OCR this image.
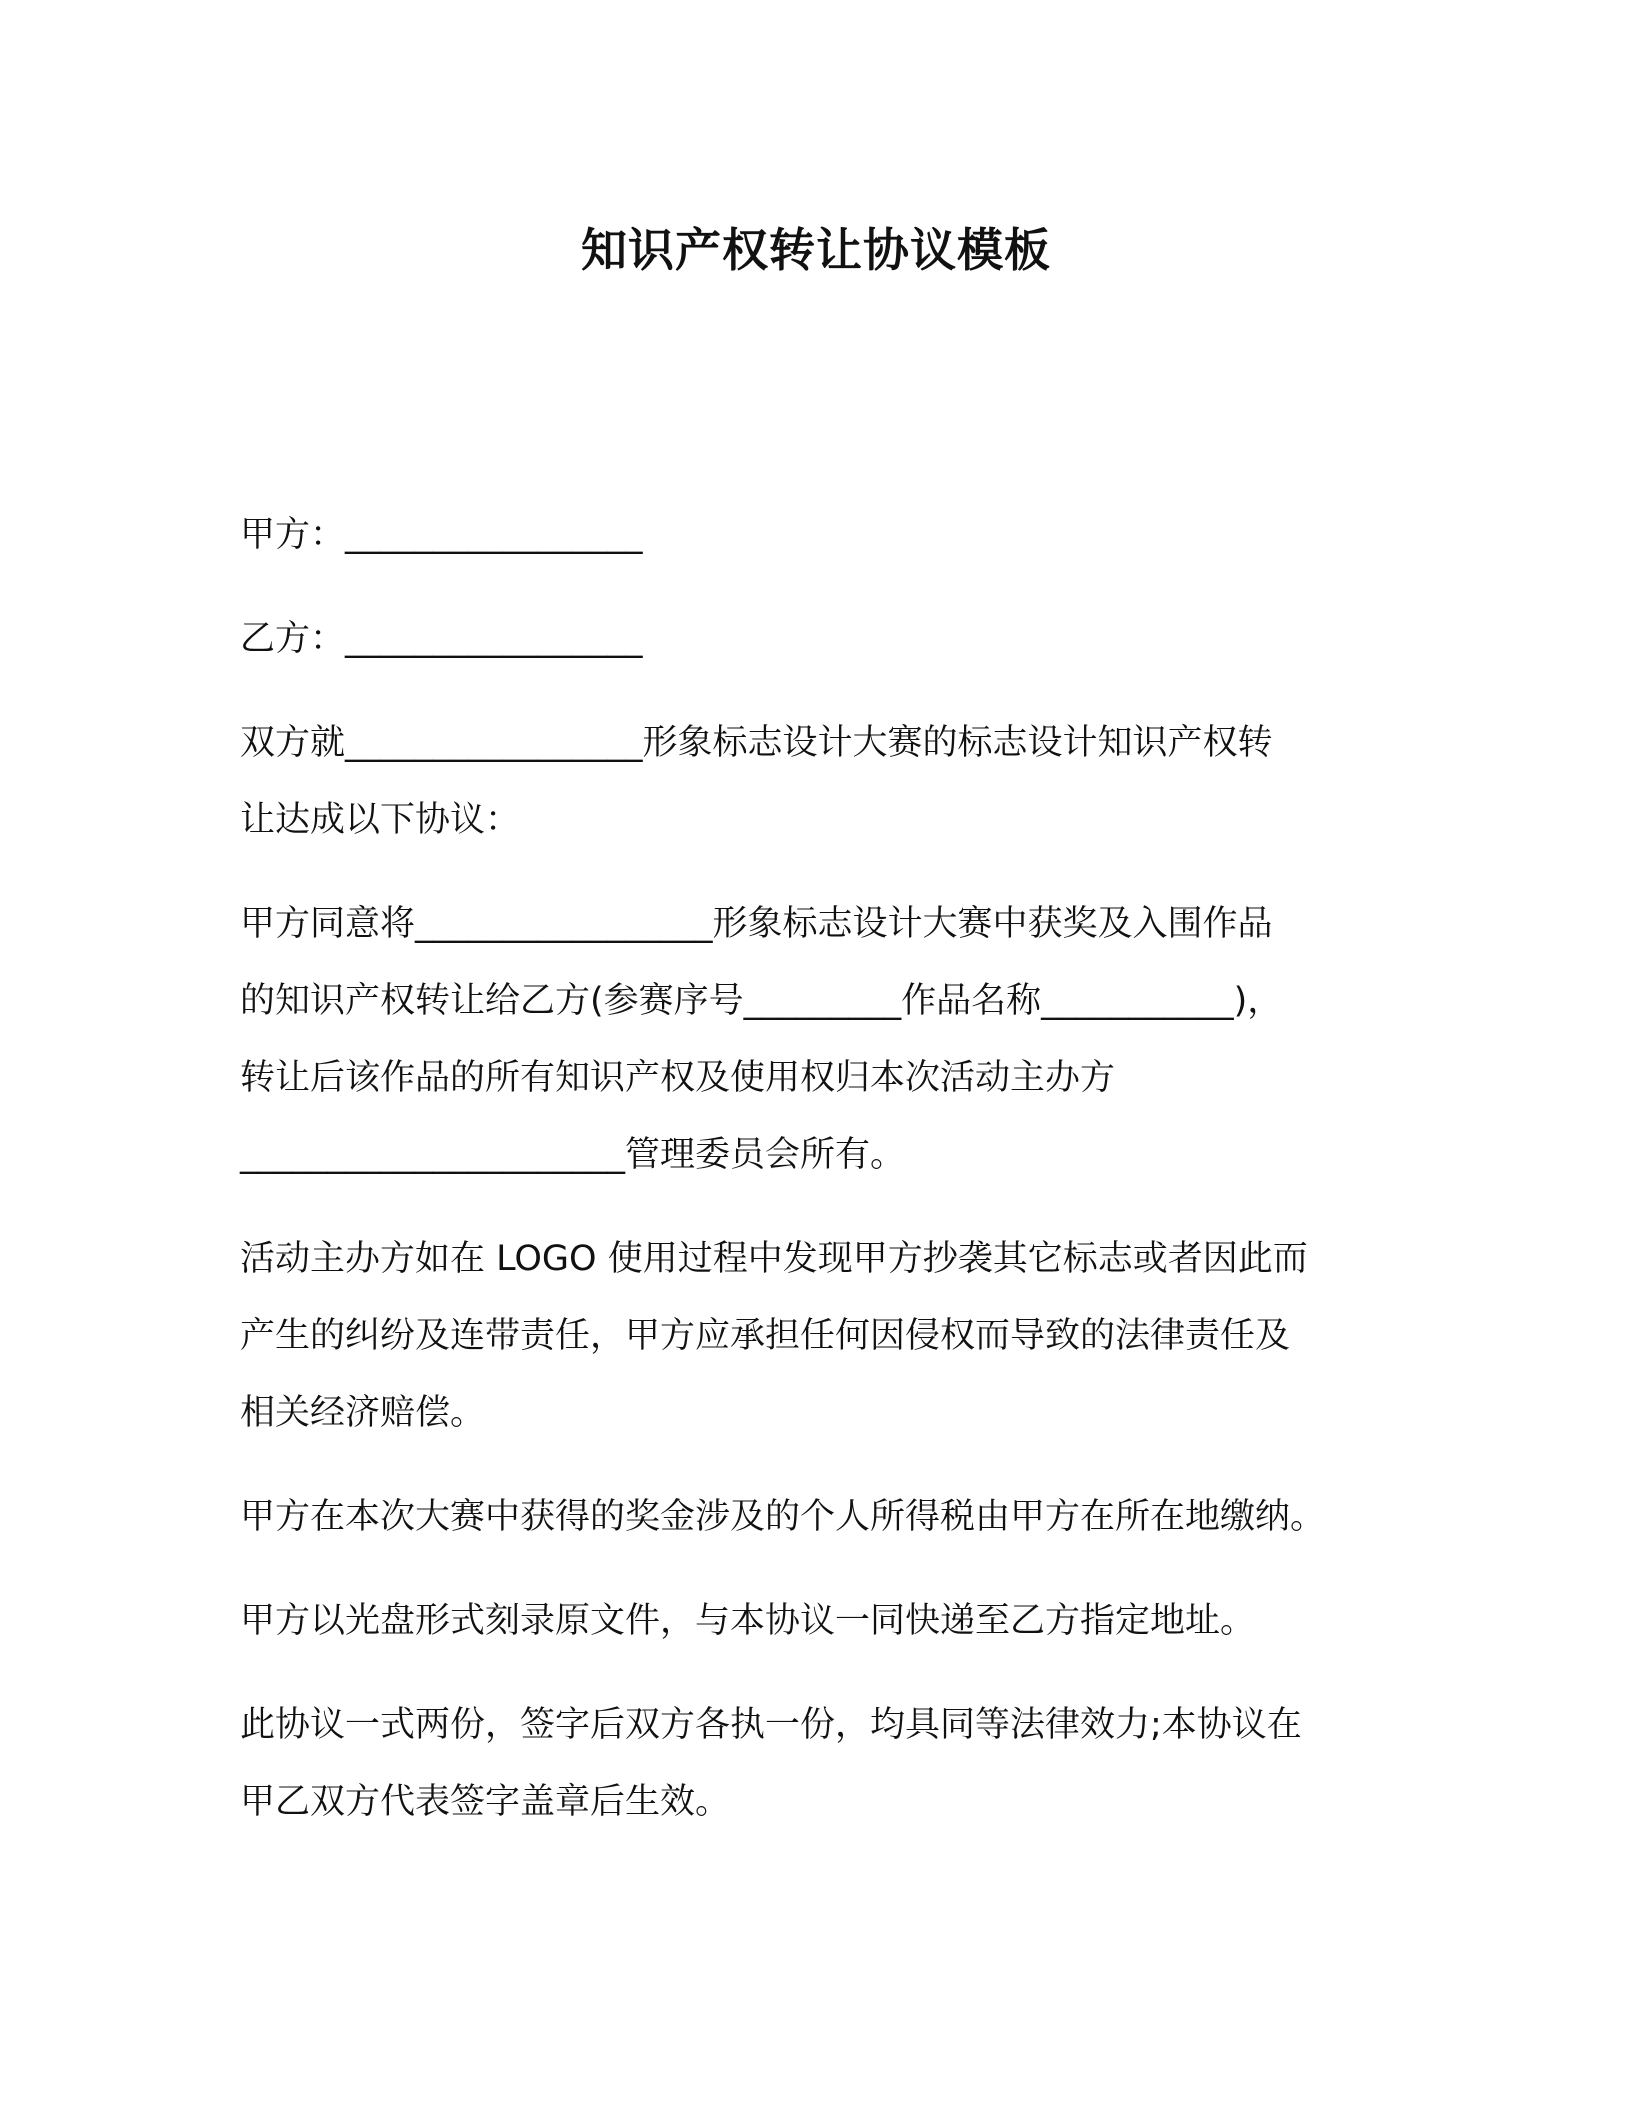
知识产权转让协议模板

甲方：_________________

乙方：_________________

双方就_________________形象标志设计大赛的标志设计知识产权转

让达成以下协议：

甲方同意将_________________形象标志设计大赛中获奖及入围作品

的知识产权转让给乙方(参赛序号_________作品名称___________)，

转让后该作品的所有知识产权及使用权归本次活动主办方

______________________管理委员会所有。

活动主办方如在 LOGO 使用过程中发现甲方抄袭其它标志或者因此而

产生的纠纷及连带责任，甲方应承担任何因侵权而导致的法律责任及

相关经济赔偿。

甲方在本次大赛中获得的奖金涉及的个人所得税由甲方在所在地缴纳。

甲方以光盘形式刻录原文件，与本协议一同快递至乙方指定地址。

此协议一式两份，签字后双方各执一份，均具同等法律效力;本协议在

甲乙双方代表签字盖章后生效。
